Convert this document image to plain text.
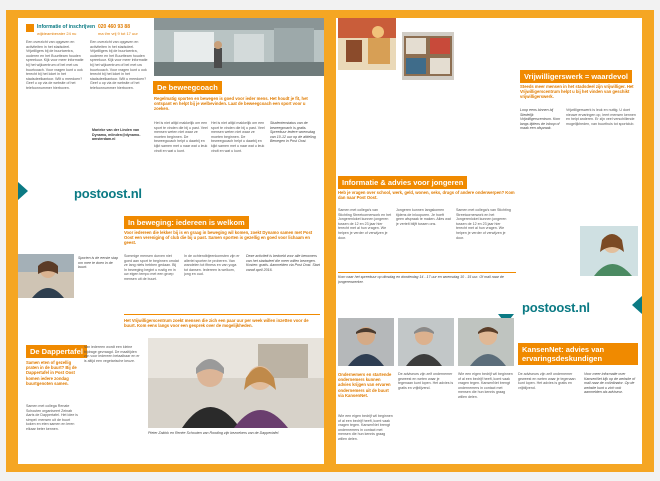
Informatie of inschrijven 020 460 93 88
wijkteamberater 24 nu	ma t/m vrij 9 tot 17 uur
Een overzicht van opgaven en activiteiten in het stadsdeel. Vrijwilligers bij de buurtcentra, ouderen en het Buurtteam houden spreekuur. Kijk voor meer informatie bij het wijkcentrum of bel met uw buurtcoach. Voor vragen kunt u ook terecht bij het loket in het stadsdeelkantoor. Wilt u meedoen? Geef u op via de website of het telefoonnummer hierboven.
Een overzicht van opgaven en activiteiten in het stadsdeel. Vrijwilligers bij de buurtcentra, ouderen en het Buurtteam houden spreekuur. Kijk voor meer informatie bij het wijkcentrum of bel met uw buurtcoach. Voor vragen kunt u ook terecht bij het loket in het stadsdeelkantoor. Wilt u meedoen? Geef u op via de website of het telefoonnummer hierboven.	De beweegcoach
Regelmatig sporten en bewegen is goed voor ieder mens. Het houdt je fit, het ontspant en helpt bij je welbevinden. Laat de beweegcoach een sport voor u zoeken.
Het is niet altijd makkelijk om een sport te vinden die bij u past. Veel mensen weten niet waar ze moeten beginnen. De beweegcoach helpt u daarbij en kijkt samen met u naar wat u leuk vindt en wat u kunt.
Het is niet altijd makkelijk om een sport te vinden die bij u past. Veel mensen weten niet waar ze moeten beginnen. De beweegcoach helpt u daarbij en kijkt samen met u naar wat u leuk vindt en wat u kunt.
Studentenstatus van de beweegcoach is gratis. Spreekuur iedere woensdag van 10-12 uur op de afdeling Bewegen in Post Oost.
Marieke van der Linden van Dynamo, mlinden@dynamo-amsterdam.nl
postoost.nl
In beweging: iedereen is welkom
Voor iedereen die lekker bij is en graag in beweging wil komen, zoekt Dynamo samen met Post Oost een vereniging of club die bij u past. Samen sporten is gezellig en goed voor lichaam en geest.
Sporten is de eerste stap om mee te doen in de buurt.
Sommige mensen durven niet goed aan sport te beginnen omdat ze lang niets hebben gedaan. Bij In beweging begint u rustig en in uw eigen tempo met een groep mensen uit de buurt.
In de ochtendbijeenkomsten zijn er allerlei sporten te proberen. Van wandelen tot fitness en van yoga tot dansen. Iedereen is welkom, jong en oud.
Deze activiteit is bedoeld voor alle bewoners van het stadsdeel die meer willen bewegen. Kosten: gratis. Aanmelden via Post Oost. Start vanaf april 2016.
Het Vrijwilligerscentrum zoekt mensen die zich een paar uur per week willen inzetten voor de buurt. Kom eens langs voor een gesprek over de mogelijkheden.
De Dappertafel
Samen eten of gezellig praten in de buurt? Bij de Dappertafel in Post Oost komen iedere zondag buurtgenoten samen.
Samen met collega Renate Schouten organiseert Zeinab Aarts de Dappertafel. Het idee is simpel: mensen uit de buurt koken en eten samen en leren elkaar beter kennen.
Van iedereen wordt een kleine bijdrage gevraagd. De maaltijden zijn voor iedereen betaalbaar en er is altijd een vegetarische keuze.
Pieter Zaklok en Renée Schouten van Rooding zijn bezoekers van de Dappertafel.
Informatie & advies voor jongeren
Heb je vragen over school, werk, geld, wonen, seks, drugs of andere onderwerpen? Kom dan naar Post Oost.
Samen met collega's van Stichting Streetcornerwork en het Jongerenloket kunnen jongeren tussen de 12 en 23 jaar hier terecht met al hun vragen. We helpen je verder of verwijzen je door.
Jongeren kunnen langskomen tijdens de inloopuren. Je hoeft geen afspraak te maken. Alles wat je vertelt blijft tussen ons.
Samen met collega's van Stichting Streetcornerwork en het Jongerenloket kunnen jongeren tussen de 12 en 23 jaar hier terecht met al hun vragen. We helpen je verder of verwijzen je door.
Kom naar het spreekuur op dinsdag en donderdag 14 - 17 uur en woensdag 10 - 15 uur. Of mail naar de jongerenwerker.
postoost.nl
Vrijwilligerswerk = waardevol
Steeds meer mensen in het stadsdeel zijn vrijwilliger. Het Vrijwilligerscentrum helpt u bij het vinden van geschikt vrijwilligerswerk.
Loop eens binnen bij Stedelijk Vrijwilligerscentrum. Kom langs tijdens de inloop of maak een afspraak.
Vrijwilligerswerk is leuk en nuttig. U doet nieuwe ervaringen op, leert mensen kennen en helpt anderen. Er zijn veel verschillende mogelijkheden, van buurthuis tot sportclub.
KansenNet: advies van ervaringsdeskundigen
Ondernemers en startende ondernemers kunnen advies krijgen van ervaren ondernemers uit de buurt via KansenNet.
Wie een eigen bedrijf wil beginnen of al een bedrijf heeft, komt vaak vragen tegen. KansenNet brengt ondernemers in contact met mensen die hun kennis graag willen delen.
De adviseurs zijn zelf ondernemer geweest en weten waar je tegenaan kunt lopen. Het advies is gratis en vrijblijvend.
Wie een eigen bedrijf wil beginnen of al een bedrijf heeft, komt vaak vragen tegen. KansenNet brengt ondernemers in contact met mensen die hun kennis graag willen delen.
De adviseurs zijn zelf ondernemer geweest en weten waar je tegenaan kunt lopen. Het advies is gratis en vrijblijvend.
Voor meer informatie over KansenNet kijk op de website of mail naar de coördinator. Op de website kunt u zich ook aanmelden als adviseur.
